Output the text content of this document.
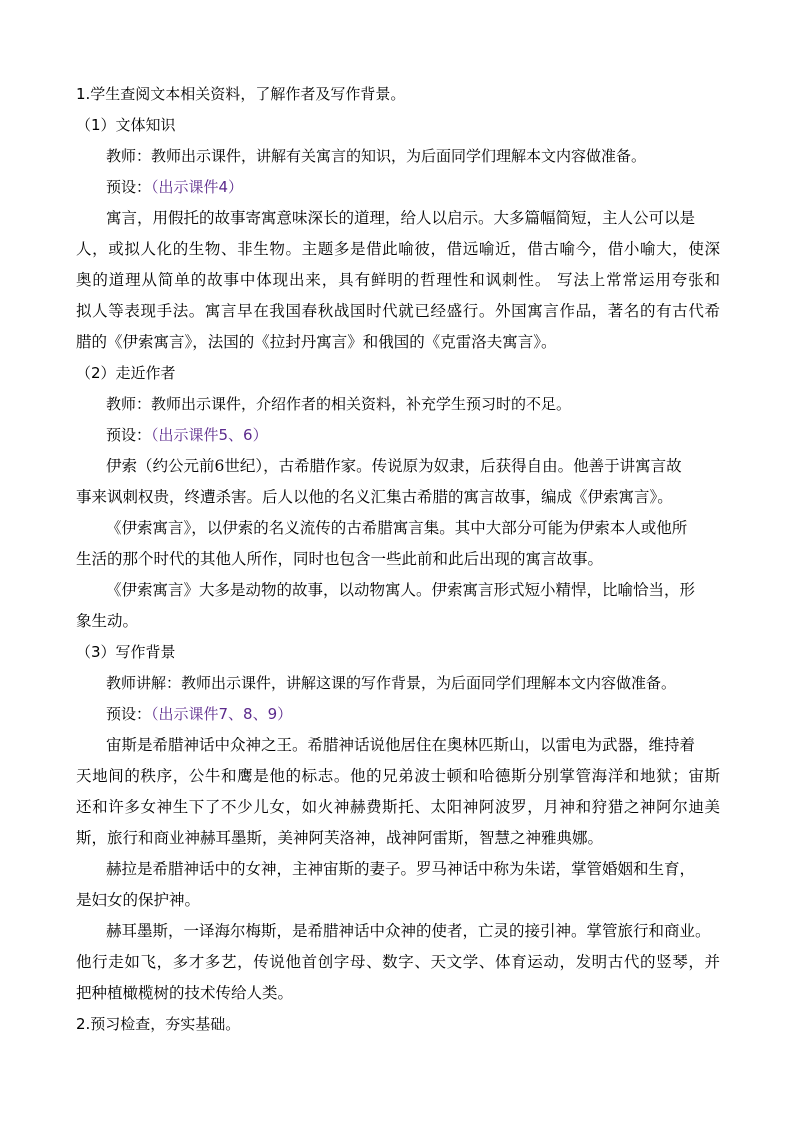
1.学生查阅文本相关资料，了解作者及写作背景。
（1）文体知识
教师：教师出示课件，讲解有关寓言的知识，为后面同学们理解本文内容做准备。
预设：（出示课件4）
寓言，用假托的故事寄寓意味深长的道理，给人以启示。大多篇幅简短，主人公可以是
人，或拟人化的生物、非生物。主题多是借此喻彼，借远喻近，借古喻今，借小喻大，使深
奥的道理从简单的故事中体现出来，具有鲜明的哲理性和讽刺性。 写法上常常运用夸张和
拟人等表现手法。寓言早在我国春秋战国时代就已经盛行。外国寓言作品，著名的有古代希
腊的《伊索寓言》，法国的《拉封丹寓言》和俄国的《克雷洛夫寓言》。
（2）走近作者
教师：教师出示课件，介绍作者的相关资料，补充学生预习时的不足。
预设：（出示课件5、6）
伊索（约公元前6世纪），古希腊作家。传说原为奴隶，后获得自由。他善于讲寓言故
事来讽刺权贵，终遭杀害。后人以他的名义汇集古希腊的寓言故事，编成《伊索寓言》。
《伊索寓言》，以伊索的名义流传的古希腊寓言集。其中大部分可能为伊索本人或他所
生活的那个时代的其他人所作，同时也包含一些此前和此后出现的寓言故事。
《伊索寓言》大多是动物的故事，以动物寓人。伊索寓言形式短小精悍，比喻恰当，形
象生动。
（3）写作背景
教师讲解：教师出示课件，讲解这课的写作背景，为后面同学们理解本文内容做准备。
预设：（出示课件7、8、9）
宙斯是希腊神话中众神之王。希腊神话说他居住在奥林匹斯山，以雷电为武器，维持着
天地间的秩序，公牛和鹰是他的标志。他的兄弟波士顿和哈德斯分别掌管海洋和地狱；宙斯
还和许多女神生下了不少儿女，如火神赫费斯托、太阳神阿波罗，月神和狩猎之神阿尔迪美
斯，旅行和商业神赫耳墨斯，美神阿芙洛神，战神阿雷斯，智慧之神雅典娜。
赫拉是希腊神话中的女神，主神宙斯的妻子。罗马神话中称为朱诺，掌管婚姻和生育，
是妇女的保护神。
赫耳墨斯，一译海尔梅斯，是希腊神话中众神的使者，亡灵的接引神。掌管旅行和商业。
他行走如飞，多才多艺，传说他首创字母、数字、天文学、体育运动，发明古代的竖琴，并
把种植橄榄树的技术传给人类。
2.预习检查，夯实基础。
